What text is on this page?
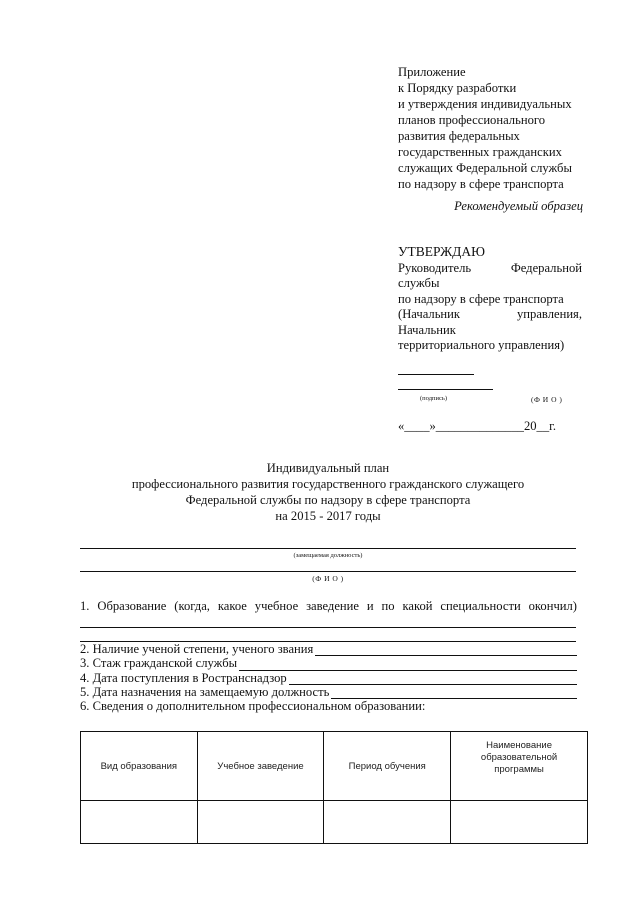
Приложение
к Порядку разработки
и утверждения индивидуальных
планов профессионального
развития федеральных
государственных гражданских
служащих Федеральной службы
по надзору в сфере транспорта
Рекомендуемый образец
УТВЕРЖДАЮ
Руководитель	Федеральной
службы
по надзору в сфере транспорта
(Начальник	управления,
Начальник
территориального управления)
(подпись)	(Ф И О )
«____»______________20__г.
Индивидуальный план
профессионального развития государственного гражданского служащего
Федеральной службы по надзору в сфере транспорта
на 2015 - 2017 годы
(замещаемая должность)
(Ф И О )
1. Образование (когда, какое учебное заведение и по какой специальности окончил)
2. Наличие ученой степени, ученого звания
3. Стаж гражданской службы
4. Дата поступления в Ространснадзор
5. Дата назначения на замещаемую должность
6. Сведения о дополнительном профессиональном образовании:
Вид образования	Учебное заведение	Период обучения	Наименование образовательной программы
